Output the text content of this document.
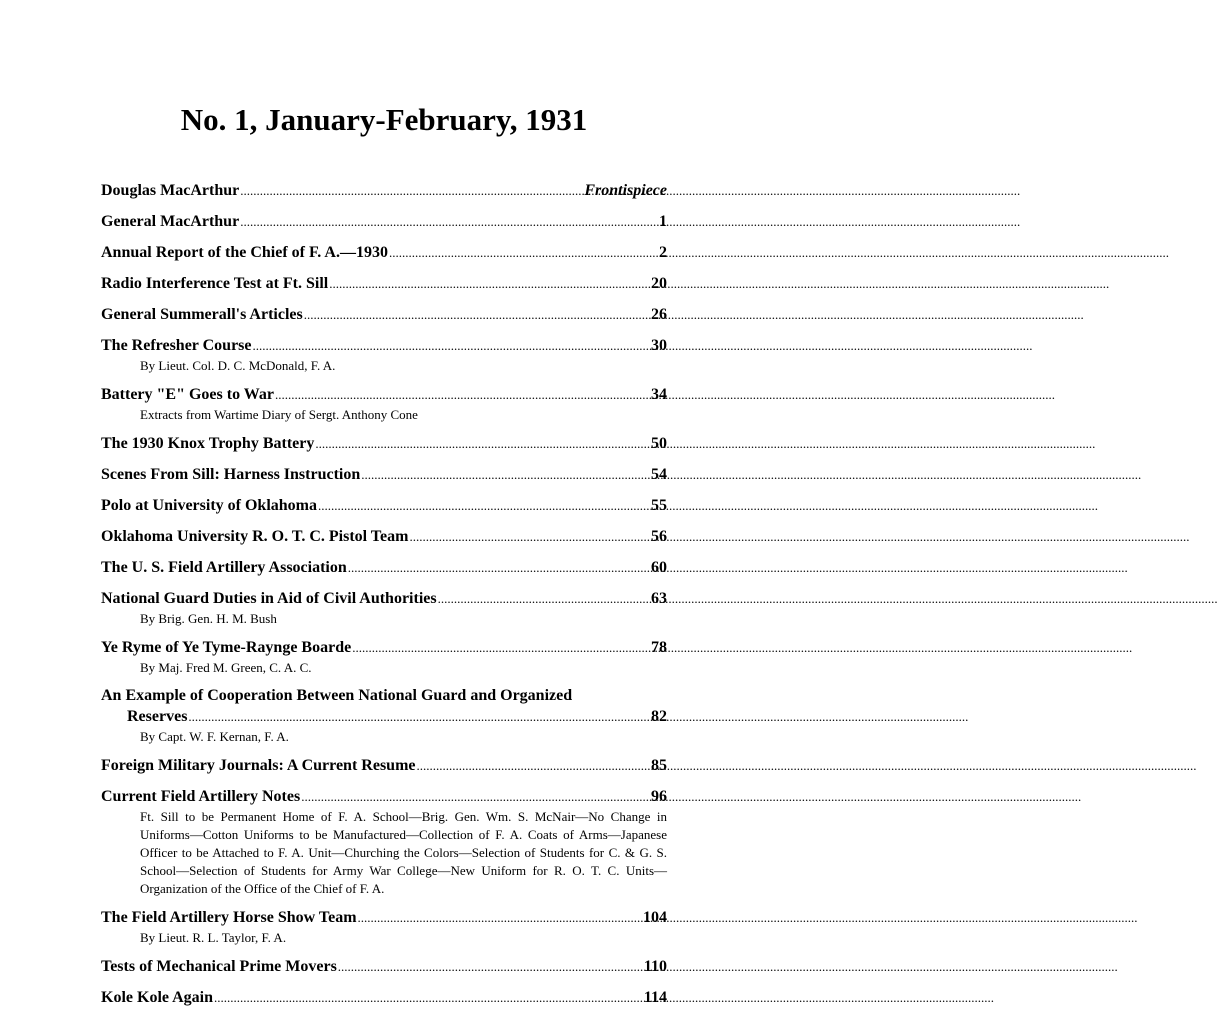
No. 1, January-February, 1931
Douglas MacArthur .....	Frontispiece
General MacArthur .....	1
Annual Report of the Chief of F. A.—1930 .....	2
Radio Interference Test at Ft. Sill .....	20
General Summerall's Articles .....	26
The Refresher Course .....	30
By Lieut. Col. D. C. McDonald, F. A.
Battery "E" Goes to War .....	34
Extracts from Wartime Diary of Sergt. Anthony Cone
The 1930 Knox Trophy Battery .....	50
Scenes From Sill: Harness Instruction .....	54
Polo at University of Oklahoma .....	55
Oklahoma University R. O. T. C. Pistol Team .....	56
The U. S. Field Artillery Association .....	60
National Guard Duties in Aid of Civil Authorities .....	63
By Brig. Gen. H. M. Bush
Ye Ryme of Ye Tyme-Raynge Boarde .....	78
By Maj. Fred M. Green, C. A. C.
An Example of Cooperation Between National Guard and Organized
Reserves .....	82
By Capt. W. F. Kernan, F. A.
Foreign Military Journals: A Current Resume .....	85
Current Field Artillery Notes .....	96
Ft. Sill to be Permanent Home of F. A. School—Brig. Gen. Wm. S. McNair—No Change in Uniforms—Cotton Uniforms to be Manufactured—Collection of F. A. Coats of Arms—Japanese Officer to be Attached to F. A. Unit—Churching the Colors—Selection of Students for C. & G. S. School—Selection of Students for Army War College—New Uniform for R. O. T. C. Units—Organization of the Office of the Chief of F. A.
The Field Artillery Horse Show Team .....	104
By Lieut. R. L. Taylor, F. A.
Tests of Mechanical Prime Movers .....	110
Kole Kole Again .....	114
